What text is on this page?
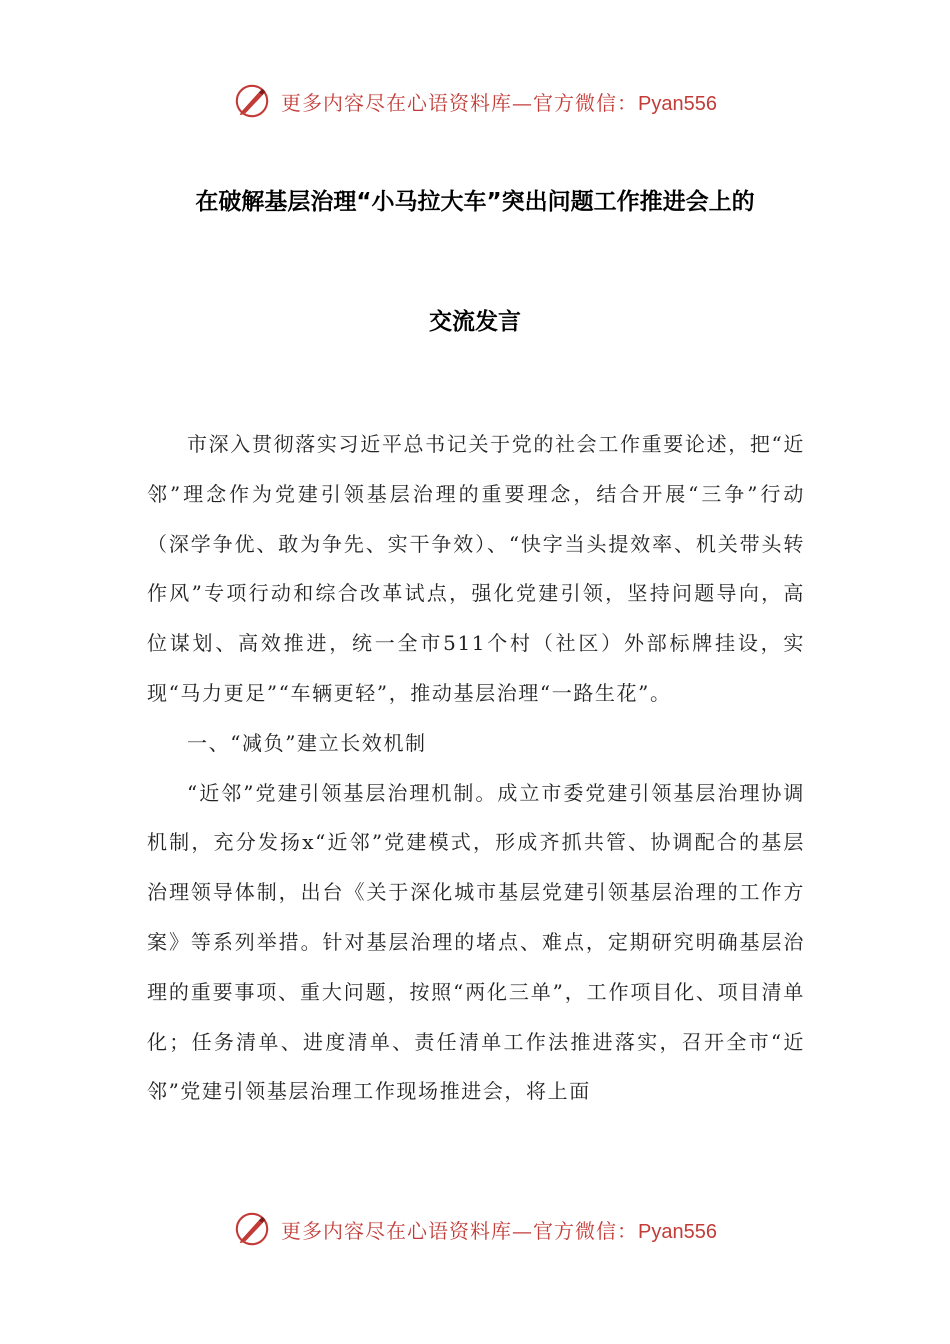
更多内容尽在心语资料库—官方微信：Pyan556
在破解基层治理“小马拉大车”突出问题工作推进会上的
交流发言

市深入贯彻落实习近平总书记关于党的社会工作重要论述，把“近邻”理念作为党建引领基层治理的重要理念，结合开展“三争”行动（深学争优、敢为争先、实干争效）、“快字当头提效率、机关带头转作风”专项行动和综合改革试点，强化党建引领，坚持问题导向，高位谋划、高效推进，统一全市511个村（社区）外部标牌挂设，实现“马力更足”“车辆更轻”，推动基层治理“一路生花”。

一、“减负”建立长效机制

“近邻”党建引领基层治理机制。成立市委党建引领基层治理协调机制，充分发扬x“近邻”党建模式，形成齐抓共管、协调配合的基层治理领导体制，出台《关于深化城市基层党建引领基层治理的工作方案》等系列举措。针对基层治理的堵点、难点，定期研究明确基层治理的重要事项、重大问题，按照“两化三单”，工作项目化、项目清单化；任务清单、进度清单、责任清单工作法推进落实，召开全市“近邻”党建引领基层治理工作现场推进会，将上面

更多内容尽在心语资料库—官方微信：Pyan556
